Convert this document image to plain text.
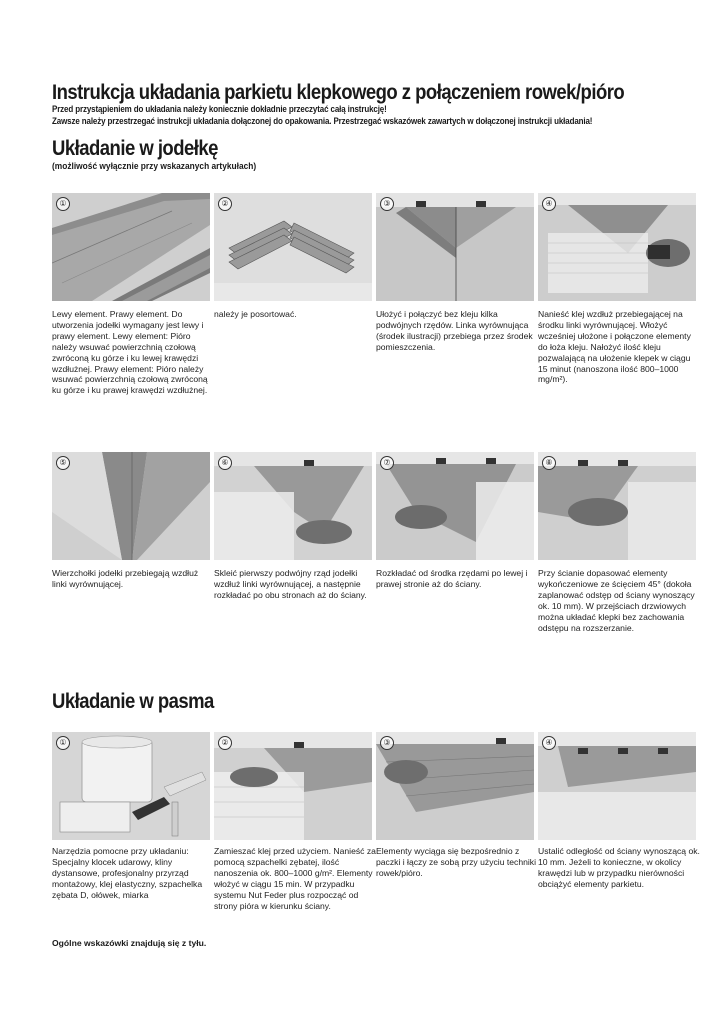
Instrukcja układania parkietu klepkowego z połączeniem rowek/pióro

Przed przystąpieniem do układania należy koniecznie dokładnie przeczytać całą instrukcję!

Zawsze należy przestrzegać instrukcji układania dołączonej do opakowania. Przestrzegać wskazówek zawartych w dołączonej instrukcji układania!

Układanie w jodełkę

(możliwość wyłącznie przy wskazanych artykułach)

①	②	③	④

Lewy element. Prawy element. Do utworzenia jodełki wymagany jest lewy i prawy element. Lewy element: Pióro należy wsuwać powierzchnią czołową zwróconą ku górze i ku lewej krawędzi wzdłużnej. Prawy element: Pióro należy wsuwać powierzchnią czołową zwróconą ku górze i ku prawej krawędzi wzdłużnej.

należy je posortować.	Ułożyć i połączyć bez kleju kilka podwójnych rzędów. Linka wyrównująca (środek ilustracji) przebiega przez środek pomieszczenia.

Nanieść klej wzdłuż przebiegającej na środku linki wyrównującej. Włożyć wcześniej ułożone i połączone elementy do łoża kleju. Nałożyć ilość kleju pozwalającą na ułożenie klepek w ciągu 15 minut (nanoszona ilość 800–1000 mg/m²).

⑤	⑥	⑦	⑧

Wierzchołki jodełki przebiegają wzdłuż linki wyrównującej.

Skleić pierwszy podwójny rząd jodełki wzdłuż linki wyrównującej, a następnie rozkładać po obu stronach aż do ściany.

Rozkładać od środka rzędami po lewej i prawej stronie aż do ściany.

Przy ścianie dopasować elementy wykończeniowe ze ścięciem 45° (dokoła zaplanować odstęp od ściany wynoszący ok. 10 mm). W przejściach drzwiowych można układać klepki bez zachowania odstępu na rozszerzanie.

Układanie w pasma
①	②	③	④

Narzędzia pomocne przy układaniu: Specjalny klocek udarowy, kliny dystansowe, profesjonalny przyrząd montażowy, klej elastyczny, szpachelka zębata D, ołówek, miarka

Zamieszać klej przed użyciem. Nanieść za pomocą szpachelki zębatej, ilość nanoszenia ok. 800–1000 g/m². Elementy włożyć w ciągu 15 min. W przypadku systemu Nut Feder plus rozpocząć od strony pióra w kierunku ściany.

Elementy wyciąga się bezpośrednio z paczki i łączy ze sobą przy użyciu techniki rowek/pióro.

Ustalić odległość od ściany wynoszącą ok. 10 mm. Jeżeli to konieczne, w okolicy krawędzi lub w przypadku nierówności obciążyć elementy parkietu.

Ogólne wskazówki znajdują się z tyłu.
